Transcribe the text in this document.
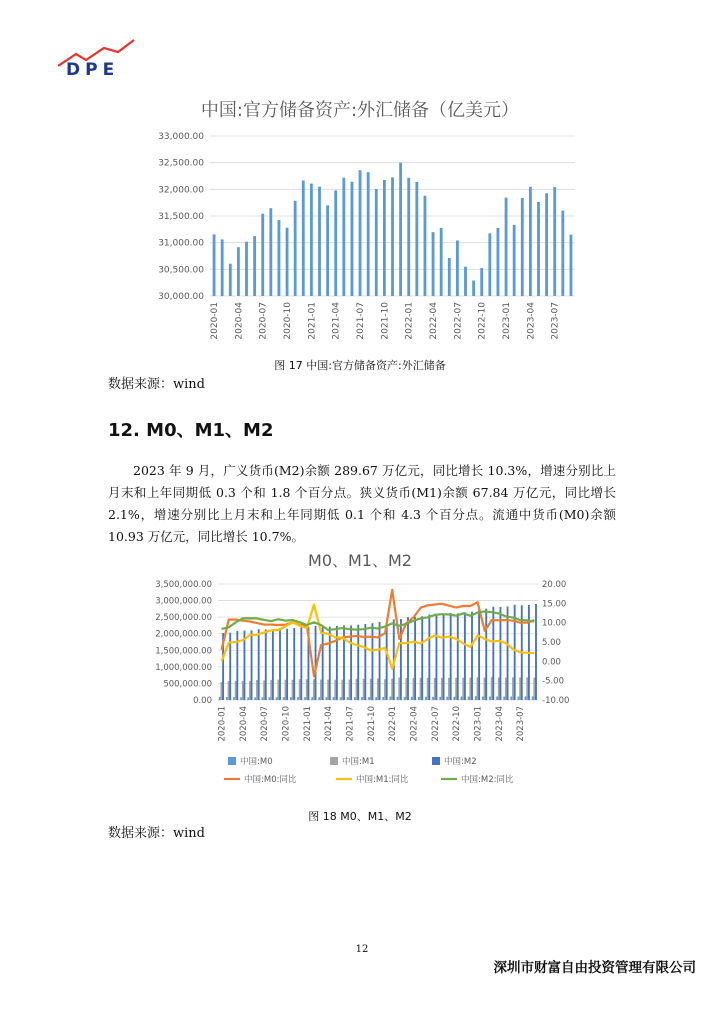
DPE
中国:官方储备资产:外汇储备（亿美元）
30,000.00
30,500.00
31,000.00
31,500.00
32,000.00
32,500.00
33,000.00
2020-01 2020-04 2020-07 2020-10 2021-01 2021-04 2021-07 2021-10 2022-01 2022-04 2022-07 2022-10 2023-01 2023-04 2023-07
图 17 中国:官方储备资产:外汇储备
数据来源：wind
12. M0、M1、M2
2023 年 9 月，广义货币(M2)余额 289.67 万亿元，同比增长 10.3%，增速分别比上月末和上年同期低 0.3 个和 1.8 个百分点。狭义货币(M1)余额 67.84 万亿元，同比增长 2.1%，增速分别比上月末和上年同期低 0.1 个和 4.3 个百分点。流通中货币(M0)余额 10.93 万亿元，同比增长 10.7%。
M0、M1、M2
0.00
500,000.00
1,000,000.00
1,500,000.00
2,000,000.00
2,500,000.00
3,000,000.00
3,500,000.00
-10.00
-5.00
0.00
5.00
10.00
15.00
20.00
2020-01 2020-04 2020-07 2020-10 2021-01 2021-04 2021-07 2021-10 2022-01 2022-04 2022-07 2022-10 2023-01 2023-04 2023-07
中国:M0	中国:M1	中国:M2
中国:M0:同比	中国:M1:同比	中国:M2:同比
图 18 M0、M1、M2
数据来源：wind
12
深圳市财富自由投资管理有限公司
